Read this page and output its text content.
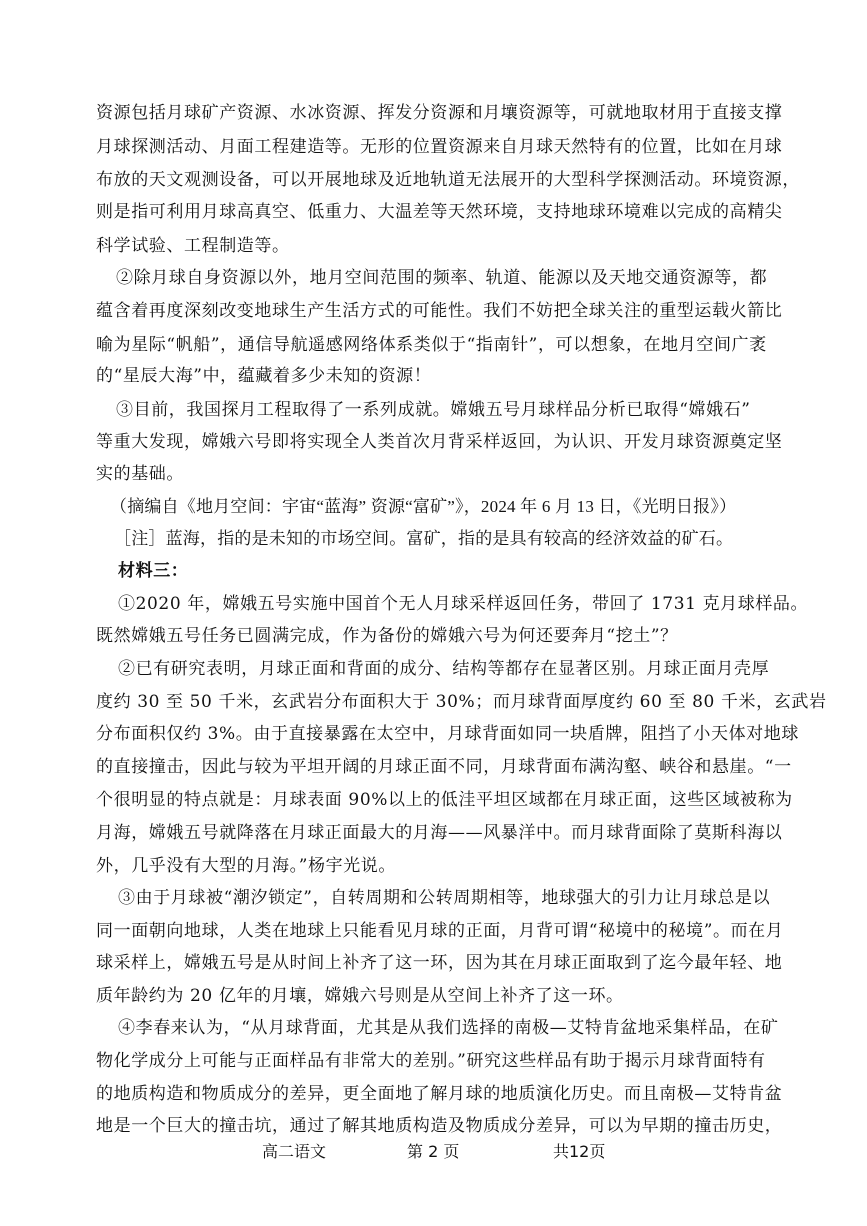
资源包括月球矿产资源、水冰资源、挥发分资源和月壤资源等，可就地取材用于直接支撑
月球探测活动、月面工程建造等。无形的位置资源来自月球天然特有的位置，比如在月球
布放的天文观测设备，可以开展地球及近地轨道无法展开的大型科学探测活动。环境资源，
则是指可利用月球高真空、低重力、大温差等天然环境，支持地球环境难以完成的高精尖
科学试验、工程制造等。
②除月球自身资源以外，地月空间范围的频率、轨道、能源以及天地交通资源等，都
蕴含着再度深刻改变地球生产生活方式的可能性。我们不妨把全球关注的重型运载火箭比
喻为星际“帆船”，通信导航遥感网络体系类似于“指南针”，可以想象，在地月空间广袤
的“星辰大海”中，蕴藏着多少未知的资源！
③目前，我国探月工程取得了一系列成就。嫦娥五号月球样品分析已取得“嫦娥石”
等重大发现，嫦娥六号即将实现全人类首次月背采样返回，为认识、开发月球资源奠定坚
实的基础。
（摘编自《地月空间：宇宙“蓝海” 资源“富矿”》，2024 年 6 月 13 日，《光明日报》）
［注］蓝海，指的是未知的市场空间。富矿，指的是具有较高的经济效益的矿石。
材料三：
①2020 年，嫦娥五号实施中国首个无人月球采样返回任务，带回了 1731 克月球样品。
既然嫦娥五号任务已圆满完成，作为备份的嫦娥六号为何还要奔月“挖土”？
②已有研究表明，月球正面和背面的成分、结构等都存在显著区别。月球正面月壳厚
度约 30 至 50 千米，玄武岩分布面积大于 30%；而月球背面厚度约 60 至 80 千米，玄武岩
分布面积仅约 3%。由于直接暴露在太空中，月球背面如同一块盾牌，阻挡了小天体对地球
的直接撞击，因此与较为平坦开阔的月球正面不同，月球背面布满沟壑、峡谷和悬崖。“一
个很明显的特点就是：月球表面 90%以上的低洼平坦区域都在月球正面，这些区域被称为
月海，嫦娥五号就降落在月球正面最大的月海——风暴洋中。而月球背面除了莫斯科海以
外，几乎没有大型的月海。”杨宇光说。
③由于月球被“潮汐锁定”，自转周期和公转周期相等，地球强大的引力让月球总是以
同一面朝向地球，人类在地球上只能看见月球的正面，月背可谓“秘境中的秘境”。而在月
球采样上，嫦娥五号是从时间上补齐了这一环，因为其在月球正面取到了迄今最年轻、地
质年龄约为 20 亿年的月壤，嫦娥六号则是从空间上补齐了这一环。
④李春来认为，“从月球背面，尤其是从我们选择的南极—艾特肯盆地采集样品，在矿
物化学成分上可能与正面样品有非常大的差别。”研究这些样品有助于揭示月球背面特有
的地质构造和物质成分的差异，更全面地了解月球的地质演化历史。而且南极—艾特肯盆
地是一个巨大的撞击坑，通过了解其地质构造及物质成分差异，可以为早期的撞击历史，
高二语文	第 2 页	共12页
